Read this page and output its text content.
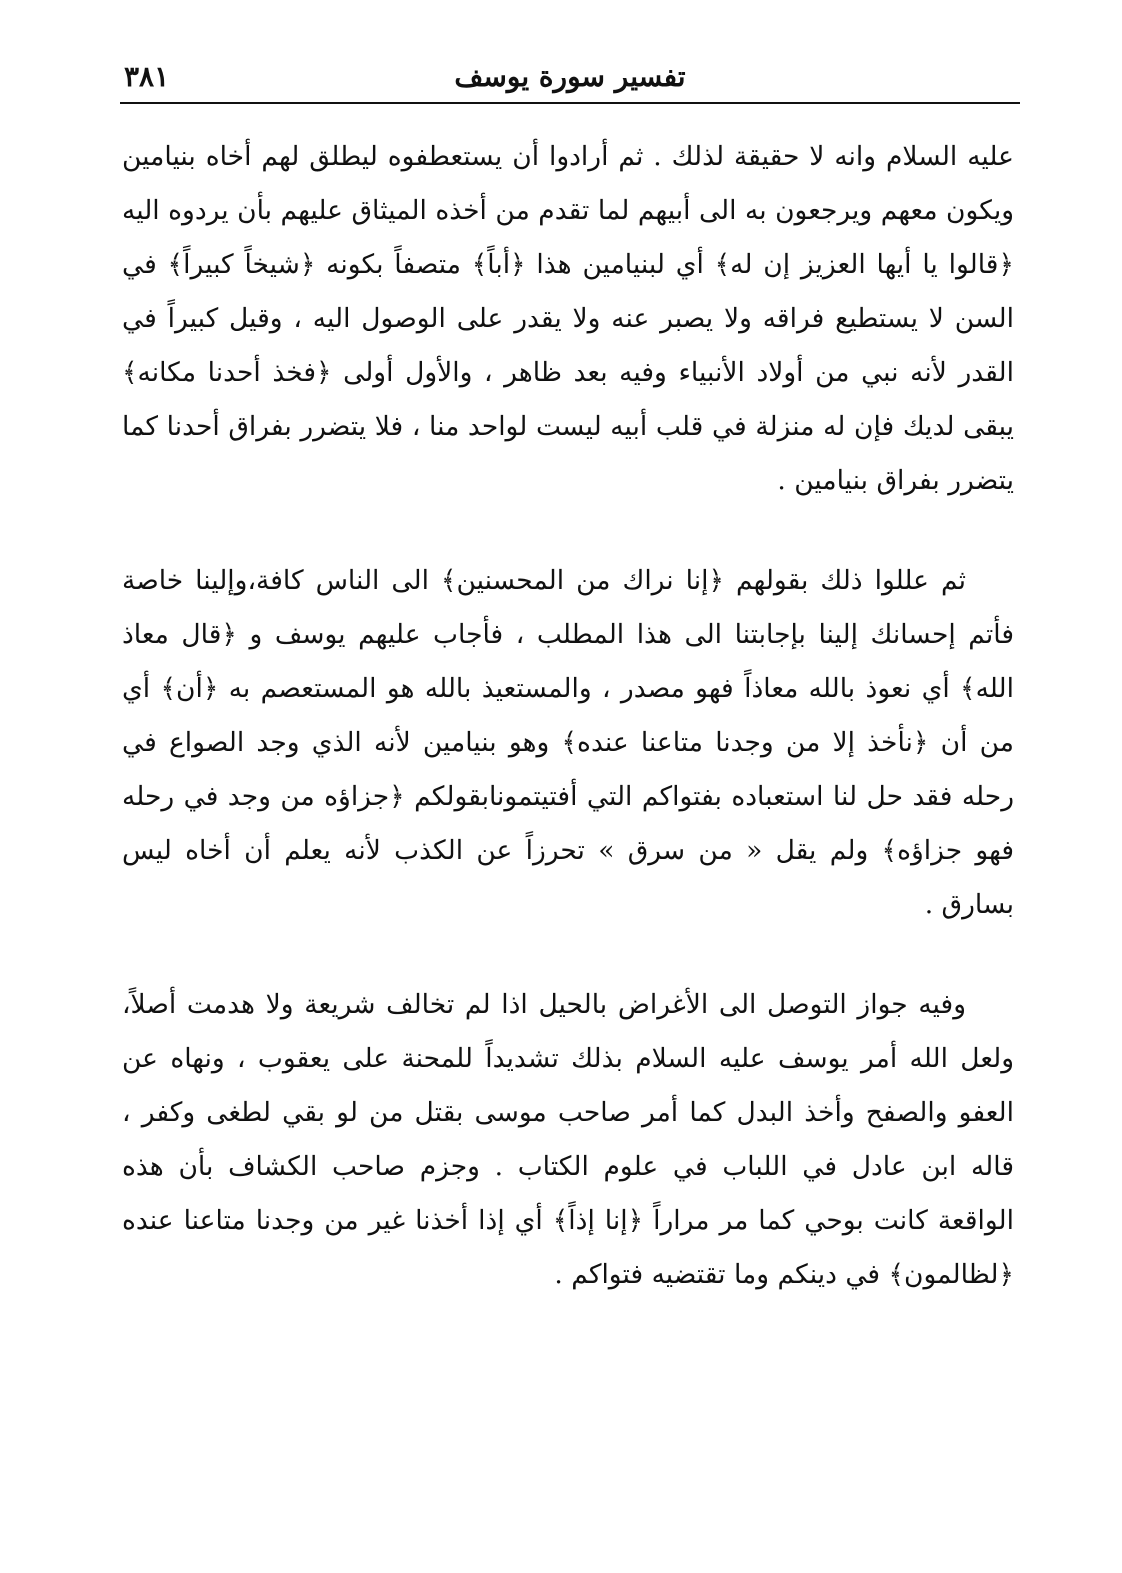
تفسير سورة يوسف
٣٨١

عليه السلام وانه لا حقيقة لذلك . ثم أرادوا أن يستعطفوه ليطلق لهم أخاه بنيامين ويكون معهم ويرجعون به الى أبيهم لما تقدم من أخذه الميثاق عليهم بأن يردوه اليه ﴿قالوا يا أيها العزيز إن له﴾ أي لبنيامين هذا ﴿أباً﴾ متصفاً بكونه ﴿شيخاً كبيراً﴾ في السن لا يستطيع فراقه ولا يصبر عنه ولا يقدر على الوصول اليه ، وقيل كبيراً في القدر لأنه نبي من أولاد الأنبياء وفيه بعد ظاهر ، والأول أولى ﴿فخذ أحدنا مكانه﴾ يبقى لديك فإن له منزلة في قلب أبيه ليست لواحد منا ، فلا يتضرر بفراق أحدنا كما يتضرر بفراق بنيامين .

ثم عللوا ذلك بقولهم ﴿إنا نراك من المحسنين﴾ الى الناس كافة،وإلينا خاصة فأتم إحسانك إلينا بإجابتنا الى هذا المطلب ، فأجاب عليهم يوسف و ﴿قال معاذ الله﴾ أي نعوذ بالله معاذاً فهو مصدر ، والمستعيذ بالله هو المستعصم به ﴿أن﴾ أي من أن ﴿نأخذ إلا من وجدنا متاعنا عنده﴾ وهو بنيامين لأنه الذي وجد الصواع في رحله فقد حل لنا استعباده بفتواكم التي أفتيتمونابقولكم ﴿جزاؤه من وجد في رحله فهو جزاؤه﴾ ولم يقل « من سرق » تحرزاً عن الكذب لأنه يعلم أن أخاه ليس بسارق .

وفيه جواز التوصل الى الأغراض بالحيل اذا لم تخالف شريعة ولا هدمت أصلاً، ولعل الله أمر يوسف عليه السلام بذلك تشديداً للمحنة على يعقوب ، ونهاه عن العفو والصفح وأخذ البدل كما أمر صاحب موسى بقتل من لو بقي لطغى وكفر ، قاله ابن عادل في اللباب في علوم الكتاب . وجزم صاحب الكشاف بأن هذه الواقعة كانت بوحي كما مر مراراً ﴿إنا إذاً﴾ أي إذا أخذنا غير من وجدنا متاعنا عنده ﴿لظالمون﴾ في دينكم وما تقتضيه فتواكم .
